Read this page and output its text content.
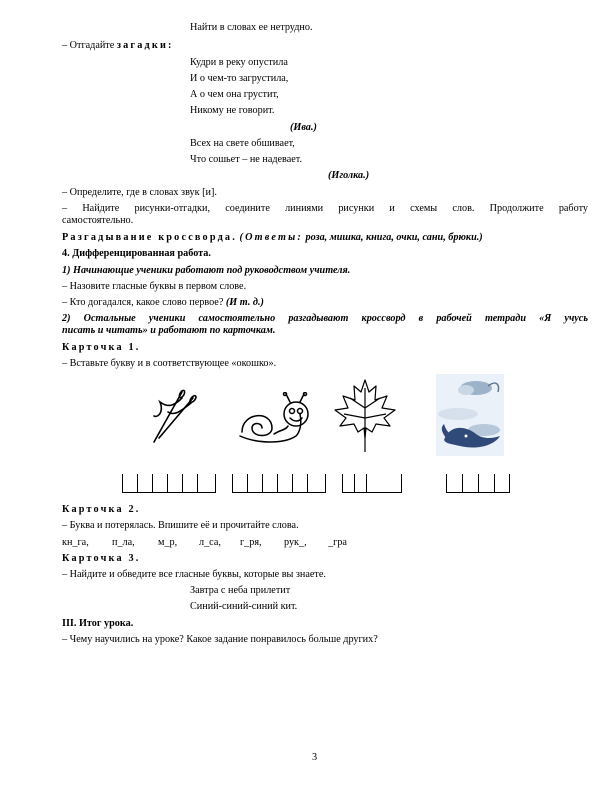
Найти в словах ее нетрудно.
– Отгадайте загадки:
Кудри в реку опустила
И о чем-то загрустила,
А о чем она грустит,
Никому не говорит.
(Ива.)
Всех на свете обшивает,
Что сошьет – не надевает.
(Иголка.)
– Определите, где в словах звук [и].
– Найдите рисунки-отгадки, соедините линиями рисунки и схемы слов. Продолжите работу
самостоятельно.
Разгадывание кроссворда. (Ответы: роза, мишка, книга, очки, сани, брюки.)
4. Дифференцированная работа.
1) Начинающие ученики работают под руководством учителя.
– Назовите гласные буквы в первом слове.
– Кто догадался, какое слово первое? (И т. д.)
2) Остальные ученики самостоятельно разгадывают кроссворд в рабочей тетради «Я учусь
писать и читать» и работают по карточкам.
Карточка 1.
– Вставьте букву и в соответствующее «окошко».
Карточка 2.
– Буква и потерялась. Впишите её и прочитайте слова.
кн_га, п_ла, м_р, л_са, г_ря, рук_, _гра
Карточка 3.
– Найдите и обведите все гласные буквы, которые вы знаете.
Завтра с неба прилетит
Синий-синий-синий кит.
III. Итог урока.
– Чему научились на уроке? Какое задание понравилось больше других?
3
